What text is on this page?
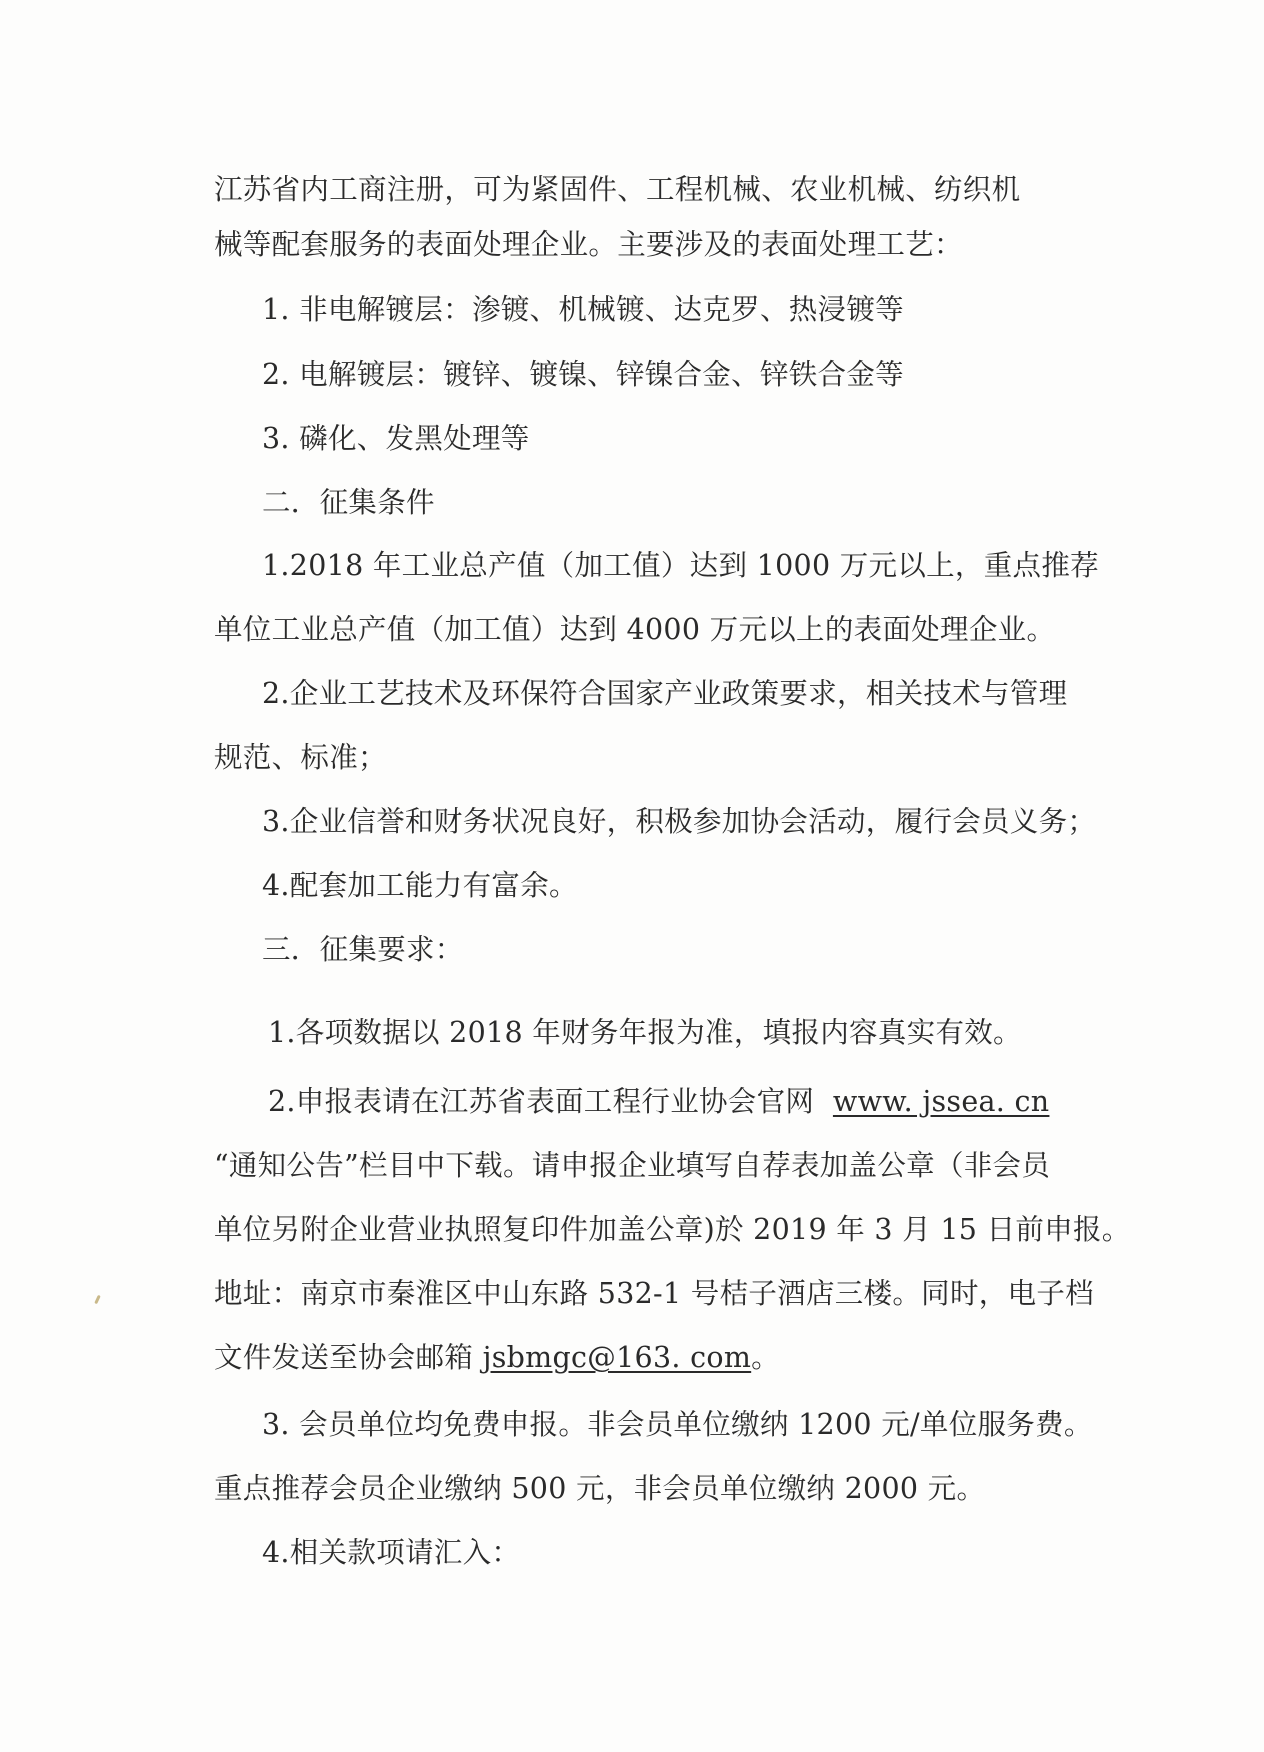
江苏省内工商注册，可为紧固件、工程机械、农业机械、纺织机
械等配套服务的表面处理企业。主要涉及的表面处理工艺：
1. 非电解镀层：渗镀、机械镀、达克罗、热浸镀等
2. 电解镀层：镀锌、镀镍、锌镍合金、锌铁合金等
3. 磷化、发黑处理等
二．征集条件
1.2018 年工业总产值（加工值）达到 1000 万元以上，重点推荐
单位工业总产值（加工值）达到 4000 万元以上的表面处理企业。
2.企业工艺技术及环保符合国家产业政策要求，相关技术与管理
规范、标准；
3.企业信誉和财务状况良好，积极参加协会活动，履行会员义务；
4.配套加工能力有富余。
三．征集要求：
1.各项数据以 2018 年财务年报为准，填报内容真实有效。
2.申报表请在江苏省表面工程行业协会官网 www. jssea. cn
“通知公告”栏目中下载。请申报企业填写自荐表加盖公章（非会员
单位另附企业营业执照复印件加盖公章)於 2019 年 3 月 15 日前申报。
地址：南京市秦淮区中山东路 532-1 号桔子酒店三楼。同时，电子档
文件发送至协会邮箱 jsbmgc@163. com。
3. 会员单位均免费申报。非会员单位缴纳 1200 元/单位服务费。
重点推荐会员企业缴纳 500 元，非会员单位缴纳 2000 元。
4.相关款项请汇入：
